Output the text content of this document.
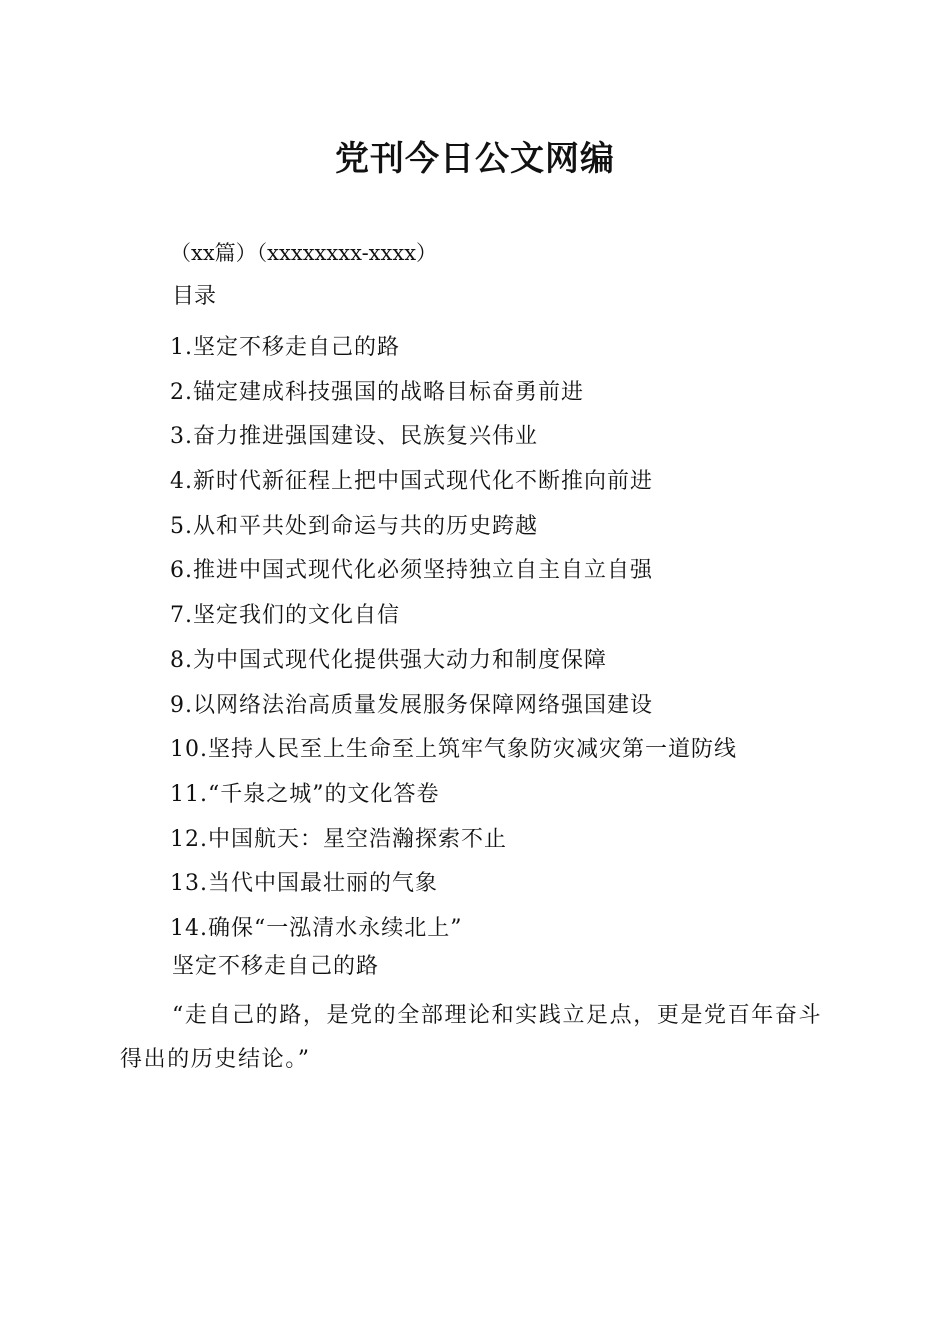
党刊今日公文网编
（xx篇）（xxxxxxxx-xxxx）
目录
1.坚定不移走自己的路
2.锚定建成科技强国的战略目标奋勇前进
3.奋力推进强国建设、民族复兴伟业
4.新时代新征程上把中国式现代化不断推向前进
5.从和平共处到命运与共的历史跨越
6.推进中国式现代化必须坚持独立自主自立自强
7.坚定我们的文化自信
8.为中国式现代化提供强大动力和制度保障
9.以网络法治高质量发展服务保障网络强国建设
10.坚持人民至上生命至上筑牢气象防灾减灾第一道防线
11.“千泉之城”的文化答卷
12.中国航天：星空浩瀚探索不止
13.当代中国最壮丽的气象
14.确保“一泓清水永续北上”
坚定不移走自己的路

“走自己的路，是党的全部理论和实践立足点，更是党百年奋斗得出的历史结论。”
